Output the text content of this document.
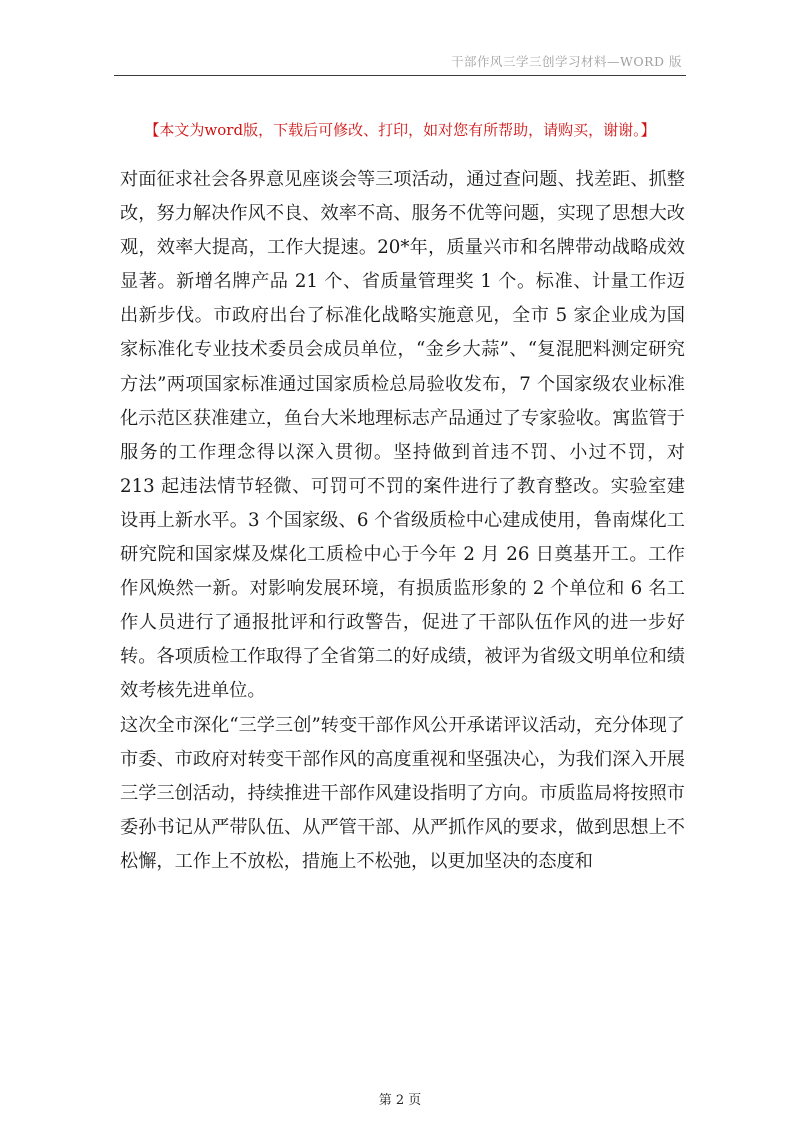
干部作风三学三创学习材料—WORD 版
【本文为word版，下载后可修改、打印，如对您有所帮助，请购买，谢谢。】

对面征求社会各界意见座谈会等三项活动，通过查问题、找差距、抓整改，努力解决作风不良、效率不高、服务不优等问题，实现了思想大改观，效率大提高，工作大提速。20*年，质量兴市和名牌带动战略成效显著。新增名牌产品 21 个、省质量管理奖 1 个。标准、计量工作迈出新步伐。市政府出台了标准化战略实施意见，全市 5 家企业成为国家标准化专业技术委员会成员单位，“金乡大蒜”、“复混肥料测定研究方法”两项国家标准通过国家质检总局验收发布，7 个国家级农业标准化示范区获准建立，鱼台大米地理标志产品通过了专家验收。寓监管于服务的工作理念得以深入贯彻。坚持做到首违不罚、小过不罚，对 213 起违法情节轻微、可罚可不罚的案件进行了教育整改。实验室建设再上新水平。3 个国家级、6 个省级质检中心建成使用，鲁南煤化工研究院和国家煤及煤化工质检中心于今年 2 月 26 日奠基开工。工作作风焕然一新。对影响发展环境，有损质监形象的 2 个单位和 6 名工作人员进行了通报批评和行政警告，促进了干部队伍作风的进一步好转。各项质检工作取得了全省第二的好成绩，被评为省级文明单位和绩效考核先进单位。

这次全市深化“三学三创”转变干部作风公开承诺评议活动，充分体现了市委、市政府对转变干部作风的高度重视和坚强决心，为我们深入开展三学三创活动，持续推进干部作风建设指明了方向。市质监局将按照市委孙书记从严带队伍、从严管干部、从严抓作风的要求，做到思想上不松懈，工作上不放松，措施上不松弛，以更加坚决的态度和

第 2 页
